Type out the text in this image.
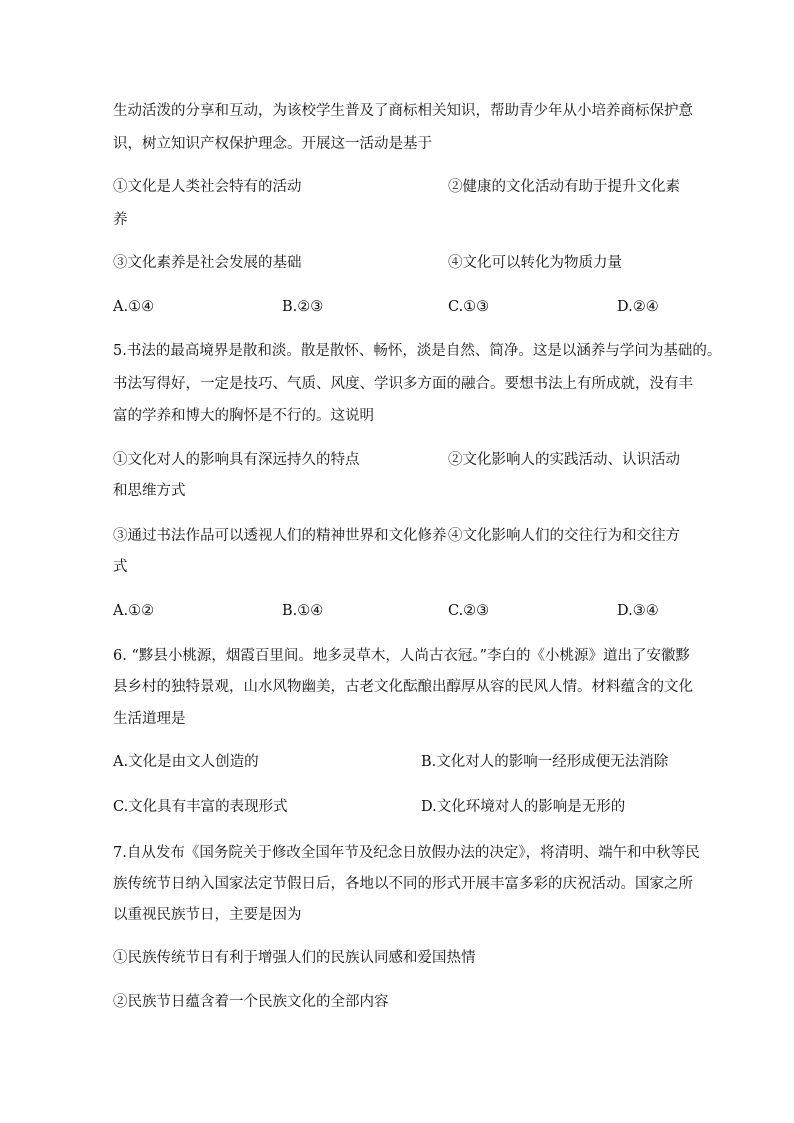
生动活泼的分享和互动，为该校学生普及了商标相关知识，帮助青少年从小培养商标保护意
识，树立知识产权保护理念。开展这一活动是基于
①文化是人类社会特有的活动	②健康的文化活动有助于提升文化素
养
③文化素养是社会发展的基础	④文化可以转化为物质力量
A.①④	B.②③	C.①③	D.②④
5.书法的最高境界是散和淡。散是散怀、畅怀，淡是自然、简净。这是以涵养与学问为基础的。
书法写得好，一定是技巧、气质、风度、学识多方面的融合。要想书法上有所成就，没有丰
富的学养和博大的胸怀是不行的。这说明
①文化对人的影响具有深远持久的特点	②文化影响人的实践活动、认识活动
和思维方式
③通过书法作品可以透视人们的精神世界和文化修养 ④文化影响人们的交往行为和交往方
式
A.①②	B.①④	C.②③	D.③④
6. “黟县小桃源，烟霞百里间。地多灵草木，人尚古衣冠。”李白的《小桃源》道出了安徽黟
县乡村的独特景观，山水风物幽美，古老文化酝酿出醇厚从容的民风人情。材料蕴含的文化
生活道理是
A.文化是由文人创造的	B.文化对人的影响一经形成便无法消除
C.文化具有丰富的表现形式	D.文化环境对人的影响是无形的
7.自从发布《国务院关于修改全国年节及纪念日放假办法的决定》，将清明、端午和中秋等民
族传统节日纳入国家法定节假日后，各地以不同的形式开展丰富多彩的庆祝活动。国家之所
以重视民族节日，主要是因为
①民族传统节日有利于增强人们的民族认同感和爱国热情
②民族节日蕴含着一个民族文化的全部内容
